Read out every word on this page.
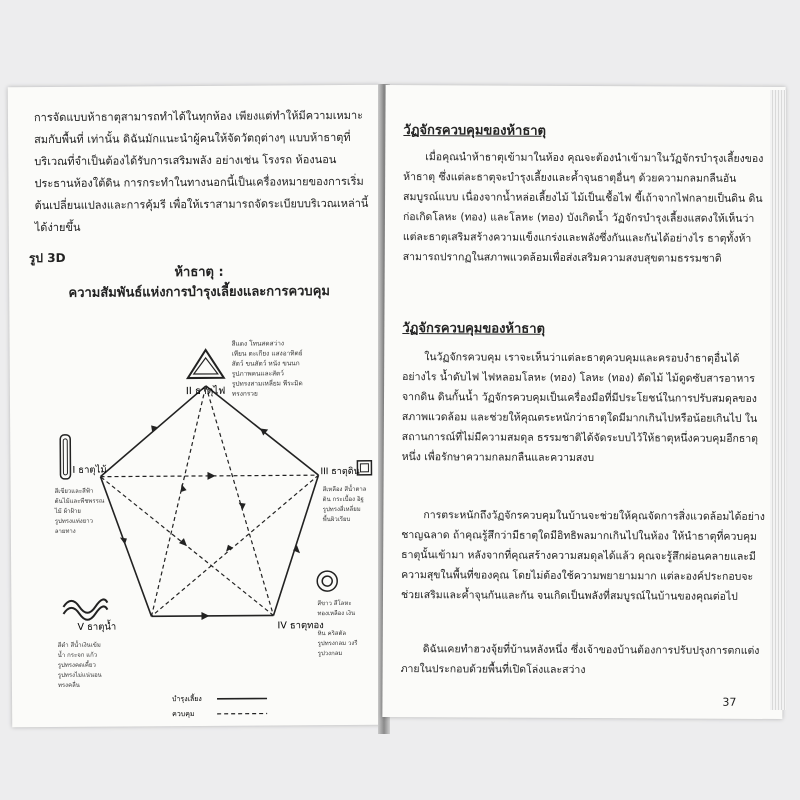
การจัดแบบห้าธาตุสามารถทำได้ในทุกห้อง เพียงแต่ทำให้มีความเหมาะสมกับพื้นที่ เท่านั้น ดิฉันมักแนะนำผู้คนให้จัดวัตถุต่างๆ แบบห้าธาตุที่บริเวณที่จำเป็นต้องได้รับการเสริมพลัง อย่างเช่น โรงรถ ห้องนอนประธานห้องใต้ดิน การกระทำในทางนอกนี้เป็นเครื่องหมายของการเริ่มต้นเปลี่ยนแปลงและการคุ้มรี เพื่อให้เราสามารถจัดระเบียบบริเวณเหล่านี้ได้ง่ายขึ้น

รูป 3D
ห้าธาตุ :
ความสัมพันธ์แห่งการบำรุงเลี้ยงและการควบคุม
II ธาตุไฟ
สีแดง โทนสดสว่าง
เทียน ตะเกียง แสงอาทิตย์
สัตว์ ขนสัตว์ หนัง ขนนก
รูปภาพคนและสัตว์
รูปทรงสามเหลี่ยม พีระมิด
ทรงกรวย
III ธาตุดิน
สีเหลือง สีน้ำตาล
ดิน กระเบื้อง อิฐ
รูปทรงสี่เหลี่ยม
พื้นผิวเรียบ
IV ธาตุทอง
สีขาว สีโลหะ
ทองเหลือง เงิน
หิน คริสตัล
รูปทรงกลม วงรี
รูปวงกลม
V ธาตุน้ำ
สีดำ สีน้ำเงินเข้ม
น้ำ กระจก แก้ว
รูปทรงคดเคี้ยว
รูปทรงไม่แน่นอน
ทรงคลื่น
I ธาตุไม้
สีเขียวและสีฟ้า
ต้นไม้และพืชพรรณ
ไม้ ผ้าฝ้าย
รูปทรงแท่งยาว
ลายทาง
บำรุงเลี้ยง
ควบคุม
วัฏจักรควบคุมของห้าธาตุ

เมื่อคุณนำห้าธาตุเข้ามาในห้อง คุณจะต้องนำเข้ามาในวัฏจักรบำรุงเลี้ยงของห้าธาตุ ซึ่งแต่ละธาตุจะบำรุงเลี้ยงและค้ำจุนธาตุอื่นๆ ด้วยความกลมกลืนอันสมบูรณ์แบบ เนื่องจากน้ำหล่อเลี้ยงไม้ ไม้เป็นเชื้อไฟ ขี้เถ้าจากไฟกลายเป็นดิน ดินก่อเกิดโลหะ (ทอง) และโลหะ (ทอง) บังเกิดน้ำ วัฏจักรบำรุงเลี้ยงแสดงให้เห็นว่าแต่ละธาตุเสริมสร้างความแข็งแกร่งและพลังซึ่งกันและกันได้อย่างไร ธาตุทั้งห้าสามารถปรากฏในสภาพแวดล้อมเพื่อส่งเสริมความสงบสุขตามธรรมชาติ

วัฏจักรควบคุมของห้าธาตุ

ในวัฏจักรควบคุม เราจะเห็นว่าแต่ละธาตุควบคุมและครอบงำธาตุอื่นได้อย่างไร น้ำดับไฟ ไฟหลอมโลหะ (ทอง) โลหะ (ทอง) ตัดไม้ ไม้ดูดซับสารอาหารจากดิน ดินกั้นน้ำ วัฏจักรควบคุมเป็นเครื่องมือที่มีประโยชน์ในการปรับสมดุลของสภาพแวดล้อม และช่วยให้คุณตระหนักว่าธาตุใดมีมากเกินไปหรือน้อยเกินไป ในสถานการณ์ที่ไม่มีความสมดุล ธรรมชาติได้จัดระบบไว้ให้ธาตุหนึ่งควบคุมอีกธาตุหนึ่ง เพื่อรักษาความกลมกลืนและความสงบ

การตระหนักถึงวัฏจักรควบคุมในบ้านจะช่วยให้คุณจัดการสิ่งแวดล้อมได้อย่างชาญฉลาด ถ้าคุณรู้สึกว่ามีธาตุใดมีอิทธิพลมากเกินไปในห้อง ให้นำธาตุที่ควบคุมธาตุนั้นเข้ามา หลังจากที่คุณสร้างความสมดุลได้แล้ว คุณจะรู้สึกผ่อนคลายและมีความสุขในพื้นที่ของคุณ โดยไม่ต้องใช้ความพยายามมาก แต่ละองค์ประกอบจะช่วยเสริมและค้ำจุนกันและกัน จนเกิดเป็นพลังที่สมบูรณ์ในบ้านของคุณต่อไป

ดิฉันเคยทำฮวงจุ้ยที่บ้านหลังหนึ่ง ซึ่งเจ้าของบ้านต้องการปรับปรุงการตกแต่งภายในประกอบด้วยพื้นที่เปิดโล่งและสว่าง

37
